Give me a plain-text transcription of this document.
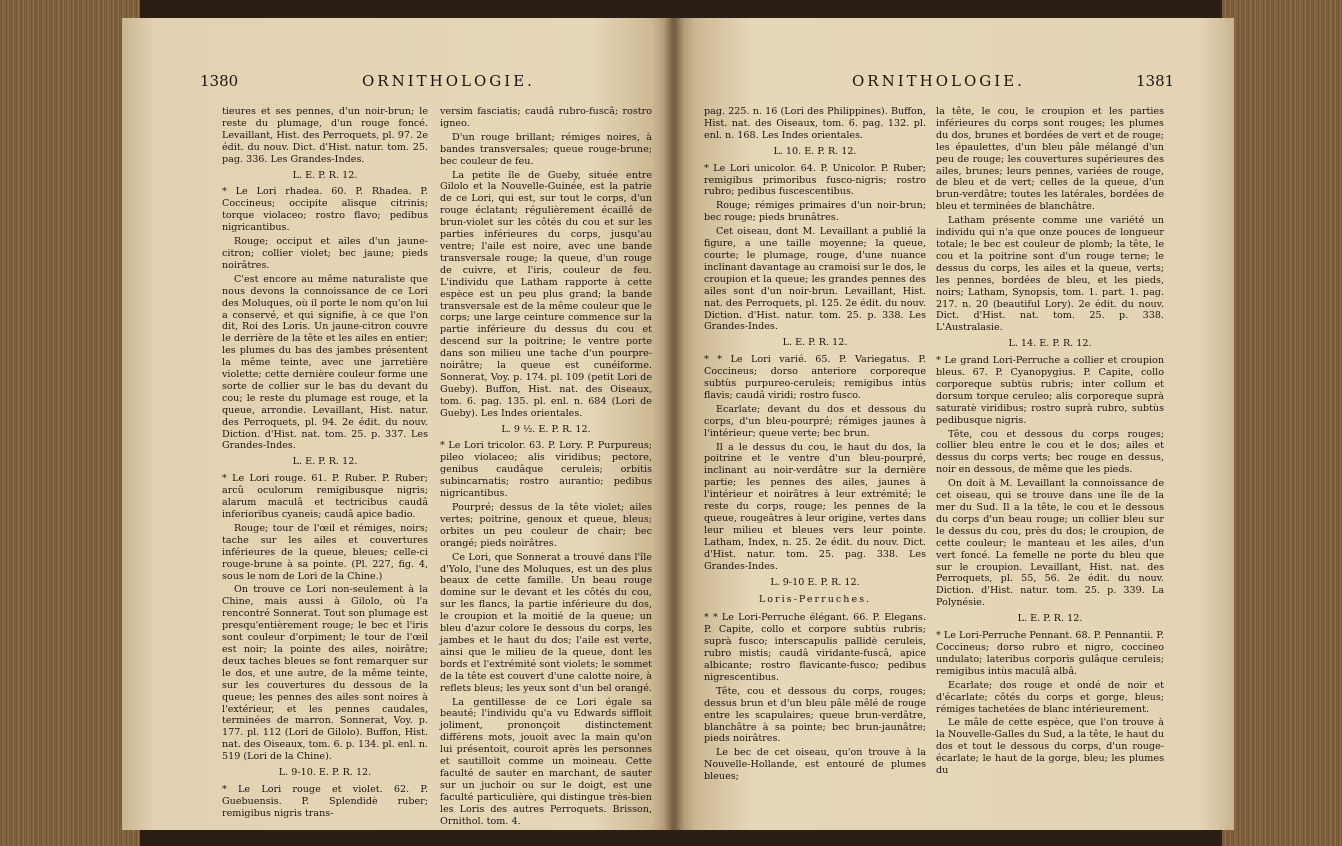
1380	ORNITHOLOGIE.

tieures et ses pennes, d'un noir-brun; le reste du plumage, d'un rouge foncé. Levaillant, Hist. des Perroquets, pl. 97. 2e édit. du nouv. Dict. d'Hist. natur. tom. 25. pag. 336. Les Grandes-Indes.

L. E. P. R. 12.

* Le Lori rhadea. 60. P. Rhadea. P. Coccineus; occipite alisque citrinis; torque violaceo; rostro flavo; pedibus nigricantibus.

Rouge; occiput et ailes d'un jaune-citron; collier violet; bec jaune; pieds noirâtres.

C'est encore au même naturaliste que nous devons la connoissance de ce Lori des Moluques, où il porte le nom qu'on lui a conservé, et qui signifie, à ce que l'on dit, Roi des Loris. Un jaune-citron couvre le derrière de la tête et les ailes en entier; les plumes du bas des jambes présentent la même teinte, avec une jarretière violette; cette dernière couleur forme une sorte de collier sur le bas du devant du cou; le reste du plumage est rouge, et la queue, arrondie. Levaillant, Hist. natur. des Perroquets, pl. 94. 2e édit. du nouv. Diction. d'Hist. nat. tom. 25. p. 337. Les Grandes-Indes.

L. E. P. R. 12.

* Le Lori rouge. 61. P. Ruber. P. Ruber; arcû oculorum remigibusque nigris; alarum maculâ et tectricibus caudâ inferioribus cyaneis; caudâ apice badio.

Rouge; tour de l'œil et rémiges, noirs; tache sur les ailes et couvertures inférieures de la queue, bleues; celle-ci rouge-brune à sa pointe. (Pl. 227, fig. 4, sous le nom de Lori de la Chine.)

On trouve ce Lori non-seulement à la Chine, mais aussi à Gilolo, où l'a rencontré Sonnerat. Tout son plumage est presqu'entièrement rouge; le bec et l'iris sont couleur d'orpiment; le tour de l'œil est noir; la pointe des ailes, noirâtre; deux taches bleues se font remarquer sur le dos, et une autre, de la même teinte, sur les couvertures du dessous de la queue; les pennes des ailes sont noires à l'extérieur, et les pennes caudales, terminées de marron. Sonnerat, Voy. p. 177. pl. 112 (Lori de Gilolo). Buffon, Hist. nat. des Oiseaux, tom. 6. p. 134. pl. enl. n. 519 (Lori de la Chine).

L. 9-10. E. P. R. 12.

* Le Lori rouge et violet. 62. P. Guebuensis. P. Splendidè ruber; remigibus nigris trans-

versim fasciatis; caudâ rubro-fuscâ; rostro igneo.

D'un rouge brillant; rémiges noires, à bandes transversales; queue rouge-brune; bec couleur de feu.

La petite île de Gueby, située entre Gilolo et la Nouvelle-Guinée, est la patrie de ce Lori, qui est, sur tout le corps, d'un rouge éclatant; régulièrement écaillé de brun-violet sur les côtés du cou et sur les parties inférieures du corps, jusqu'au ventre; l'aile est noire, avec une bande transversale rouge; la queue, d'un rouge de cuivre, et l'iris, couleur de feu. L'individu que Latham rapporte à cette espèce est un peu plus grand; la bande transversale est de la même couleur que le corps; une large ceinture commence sur la partie inférieure du dessus du cou et descend sur la poitrine; le ventre porte dans son milieu une tache d'un pourpre-noirâtre; la queue est cunéiforme. Sonnerat, Voy. p. 174. pl. 109 (petit Lori de Gueby). Buffon, Hist. nat. des Oiseaux, tom. 6. pag. 135. pl. enl. n. 684 (Lori de Gueby). Les Indes orientales.

L. 9 ½. E. P. R. 12.

* Le Lori tricolor. 63. P. Lory. P. Purpureus; pileo violaceo; alis viridibus; pectore, genibus caudâque ceruleis; orbitis subincarnatis; rostro aurantio; pedibus nigricantibus.

Pourpré; dessus de la tête violet; ailes vertes; poitrine, genoux et queue, bleus; orbites un peu couleur de chair; bec orangé; pieds noirâtres.

Ce Lori, que Sonnerat a trouvé dans l'île d'Yolo, l'une des Moluques, est un des plus beaux de cette famille. Un beau rouge domine sur le devant et les côtés du cou, sur les flancs, la partie inférieure du dos, le croupion et la moitié de la queue; un bleu d'azur colore le dessous du corps, les jambes et le haut du dos; l'aile est verte, ainsi que le milieu de la queue, dont les bords et l'extrémité sont violets; le sommet de la tête est couvert d'une calotte noire, à reflets bleus; les yeux sont d'un bel orangé.

La gentillesse de ce Lori égale sa beauté; l'individu qu'a vu Edwards siffloit joliment, prononçoit distinctement différens mots, jouoit avec la main qu'on lui présentoit, couroit après les personnes et sautilloit comme un moineau. Cette faculté de sauter en marchant, de sauter sur un juchoir ou sur le doigt, est une faculté particulière, qui distingue très-bien les Loris des autres Perroquets. Brisson, Ornithol. tom. 4.

ORNITHOLOGIE.	1381

pag. 225. n. 16 (Lori des Philippines). Buffon, Hist. nat. des Oiseaux, tom. 6. pag. 132. pl. enl. n. 168. Les Indes orientales.

L. 10. E. P. R. 12.

* Le Lori unicolor. 64. P. Unicolor. P. Ruber; remigibus primoribus fusco-nigris; rostro rubro; pedibus fuscescentibus.

Rouge; rémiges primaires d'un noir-brun; bec rouge; pieds brunâtres.

Cet oiseau, dont M. Levaillant a publié la figure, a une taille moyenne; la queue, courte; le plumage, rouge, d'une nuance inclinant davantage au cramoisi sur le dos, le croupion et la queue; les grandes pennes des ailes sont d'un noir-brun. Levaillant, Hist. nat. des Perroquets, pl. 125. 2e édit. du nouv. Diction. d'Hist. natur. tom. 25. p. 338. Les Grandes-Indes.

L. E. P. R. 12.

* * Le Lori varié. 65. P. Variegatus. P. Coccineus; dorso anteriore corporeque subtùs purpureo-ceruleis; remigibus intùs flavis; caudâ viridi; rostro fusco.

Ecarlate; devant du dos et dessous du corps, d'un bleu-pourpré; rémiges jaunes à l'intérieur; queue verte; bec brun.

Il a le dessus du cou, le haut du dos, la poitrine et le ventre d'un bleu-pourpré, inclinant au noir-verdâtre sur la dernière partie; les pennes des ailes, jaunes à l'intérieur et noirâtres à leur extrémité; le reste du corps, rouge; les pennes de la queue, rougeâtres à leur origine, vertes dans leur milieu et bleues vers leur pointe. Latham, Index, n. 25. 2e édit. du nouv. Dict. d'Hist. natur. tom. 25. pag. 338. Les Grandes-Indes.

L. 9-10 E. P. R. 12.

Loris-Perruches.

* * Le Lori-Perruche élégant. 66. P. Elegans. P. Capite, collo et corpore subtùs rubris; suprà fusco; interscapulis pallidè ceruleis, rubro mistis; caudâ viridante-fuscâ, apice albicante; rostro flavicante-fusco; pedibus nigrescentibus.

Tête, cou et dessous du corps, rouges; dessus brun et d'un bleu pâle mêlé de rouge entre les scapulaires; queue brun-verdâtre, blanchâtre à sa pointe; bec brun-jaunâtre; pieds noirâtres.

Le bec de cet oiseau, qu'on trouve à la Nouvelle-Hollande, est entouré de plumes bleues;

la tête, le cou, le croupion et les parties inférieures du corps sont rouges; les plumes du dos, brunes et bordées de vert et de rouge; les épaulettes, d'un bleu pâle mélangé d'un peu de rouge; les couvertures supérieures des ailes, brunes; leurs pennes, variées de rouge, de bleu et de vert; celles de la queue, d'un brun-verdâtre; toutes les latérales, bordées de bleu et terminées de blanchâtre.

Latham présente comme une variété un individu qui n'a que onze pouces de longueur totale; le bec est couleur de plomb; la tête, le cou et la poitrine sont d'un rouge terne; le dessus du corps, les ailes et la queue, verts; les pennes, bordées de bleu, et les pieds, noirs; Latham, Synopsis, tom. 1. part. 1. pag. 217. n. 20 (beautiful Lory). 2e édit. du nouv. Dict. d'Hist. nat. tom. 25. p. 338. L'Australasie.

L. 14. E. P. R. 12.

* Le grand Lori-Perruche a collier et croupion bleus. 67. P. Cyanopygius. P. Capite, collo corporeque subtùs rubris; inter collum et dorsum torque ceruleo; alis corporeque suprà saturatè viridibus; rostro suprà rubro, subtùs pedibusque nigris.

Tête, cou et dessous du corps rouges; collier bleu entre le cou et le dos; ailes et dessus du corps verts; bec rouge en dessus, noir en dessous, de même que les pieds.

On doit à M. Levaillant la connoissance de cet oiseau, qui se trouve dans une île de la mer du Sud. Il a la tête, le cou et le dessous du corps d'un beau rouge; un collier bleu sur le dessus du cou, près du dos; le croupion, de cette couleur; le manteau et les ailes, d'un vert foncé. La femelle ne porte du bleu que sur le croupion. Levaillant, Hist. nat. des Perroquets, pl. 55, 56. 2e édit. du nouv. Diction. d'Hist. natur. tom. 25. p. 339. La Polynésie.

L. E. P. R. 12.

* Le Lori-Perruche Pennant. 68. P. Pennantii. P. Coccineus; dorso rubro et nigro, coccineo undulato; lateribus corporis gulâque ceruleis; remigibus intùs maculâ albâ.

Ecarlate; dos rouge et ondé de noir et d'écarlate; côtés du corps et gorge, bleus; rémiges tachetées de blanc intérieurement.

Le mâle de cette espèce, que l'on trouve à la Nouvelle-Galles du Sud, a la tête, le haut du dos et tout le dessous du corps, d'un rouge-écarlate; le haut de la gorge, bleu; les plumes du
